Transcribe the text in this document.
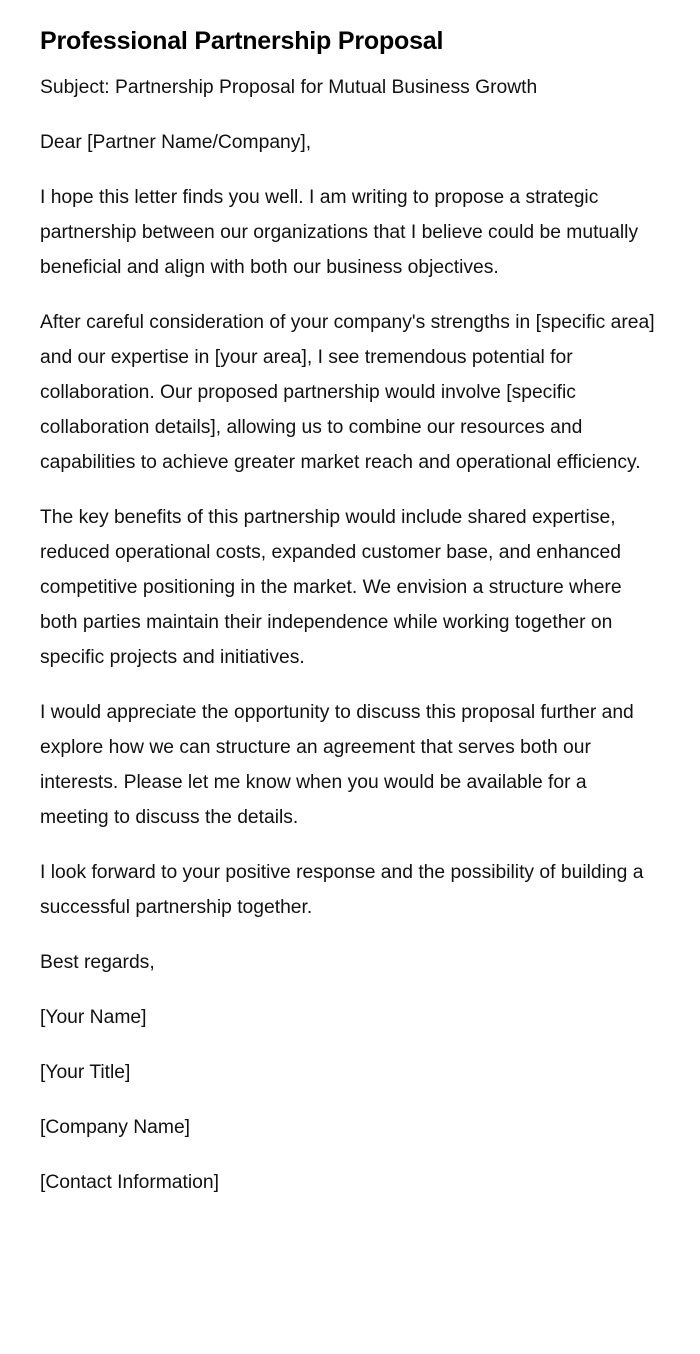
Professional Partnership Proposal

Subject: Partnership Proposal for Mutual Business Growth

Dear [Partner Name/Company],

I hope this letter finds you well. I am writing to propose a strategic partnership between our organizations that I believe could be mutually beneficial and align with both our business objectives.

After careful consideration of your company's strengths in [specific area] and our expertise in [your area], I see tremendous potential for collaboration. Our proposed partnership would involve [specific collaboration details], allowing us to combine our resources and capabilities to achieve greater market reach and operational efficiency.

The key benefits of this partnership would include shared expertise, reduced operational costs, expanded customer base, and enhanced competitive positioning in the market. We envision a structure where both parties maintain their independence while working together on specific projects and initiatives.

I would appreciate the opportunity to discuss this proposal further and explore how we can structure an agreement that serves both our interests. Please let me know when you would be available for a meeting to discuss the details.

I look forward to your positive response and the possibility of building a successful partnership together.

Best regards,

[Your Name]

[Your Title]

[Company Name]

[Contact Information]
